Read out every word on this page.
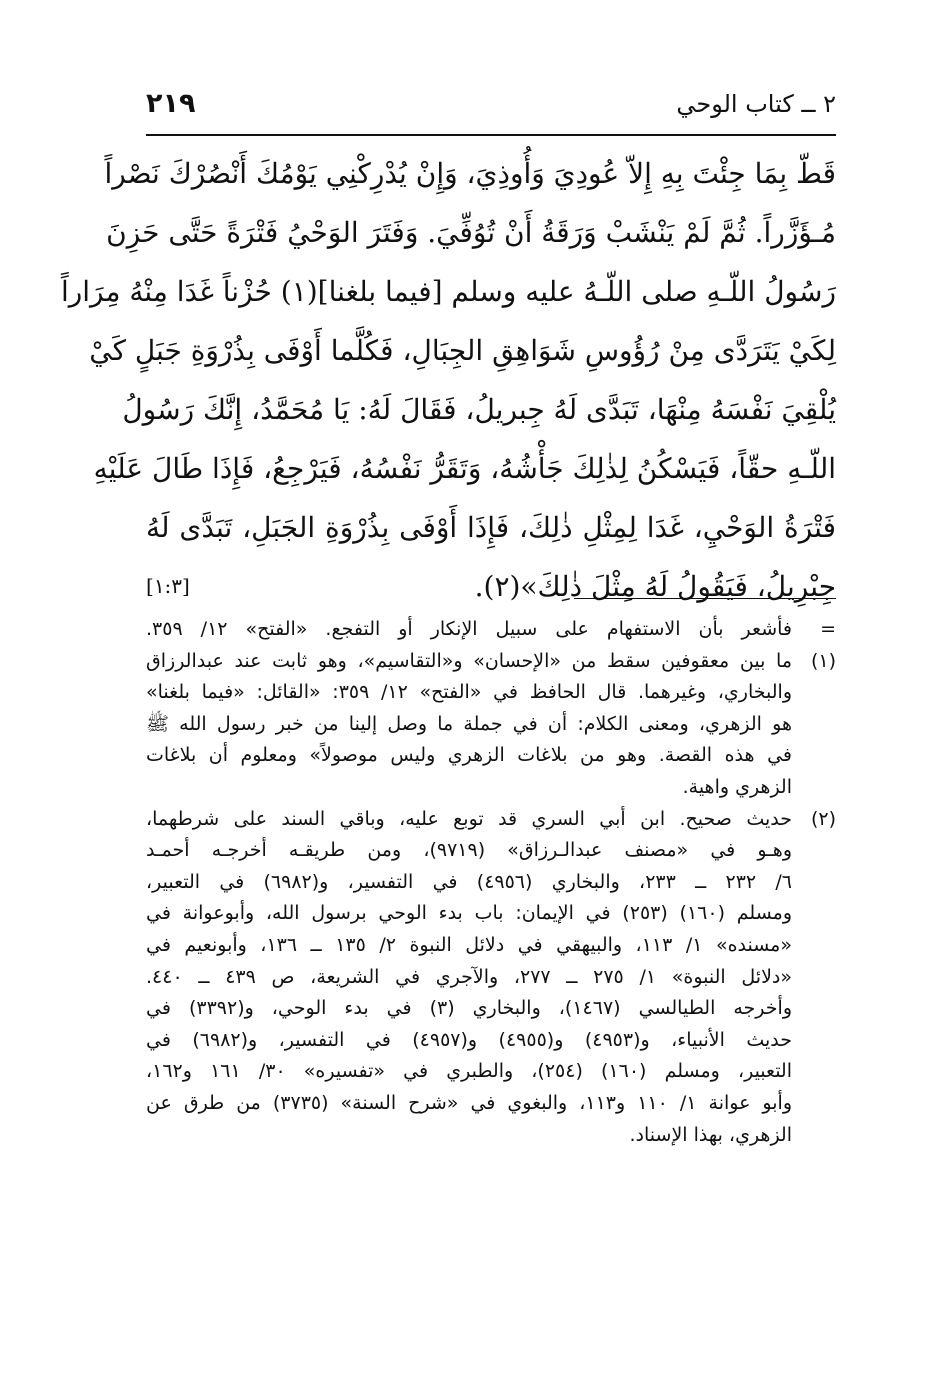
٢ ــ كتاب الوحي
٢١٩
قَطّ بِمَا جِئْتَ بِهِ إِلاّ عُودِيَ وَأُوذِيَ، وَإِنْ يُدْرِكْنِي يَوْمُكَ أَنْصُرْكَ نَصْراً
مُـؤَزَّراً. ثُمَّ لَمْ يَنْشَبْ وَرَقَةُ أَنْ تُوُفِّيَ. وَفَتَرَ الوَحْيُ فَتْرَةً حَتَّى حَزِنَ
رَسُولُ اللّـهِ صلى اللّـهُ عليه وسلم [فيما بلغنا](١) حُزْناً غَدَا مِنْهُ مِرَاراً
لِكَيْ يَتَرَدَّى مِنْ رُؤُوسِ شَوَاهِقِ الجِبَالِ، فَكُلَّما أَوْفَى بِذُرْوَةِ جَبَلٍ كَيْ
يُلْقِيَ نَفْسَهُ مِنْهَا، تَبَدَّى لَهُ جِبريلُ، فَقَالَ لَهُ: يَا مُحَمَّدُ، إِنَّكَ رَسُولُ
اللّـهِ حقّاً، فَيَسْكُنُ لِذٰلِكَ جَأْشُهُ، وَتَقَرُّ نَفْسُهُ، فَيَرْجِعُ، فَإِذَا طَالَ عَلَيْهِ
فَتْرَةُ الوَحْيِ، غَدَا لِمِثْلِ ذٰلِكَ، فَإِذَا أَوْفَى بِذُرْوَةِ الجَبَلِ، تَبَدَّى لَهُ
جِبْرِيلُ، فَيَقُولُ لَهُ مِثْلَ ذٰلِكَ»(٢).
[١:٣]
=فأشعر بأن الاستفهام على سبيل الإنكار أو التفجع. «الفتح» ١٢/ ٣٥٩.
(١)ما بين معقوفين سقط من «الإحسان» و«التقاسيم»، وهو ثابت عند عبدالرزاق
والبخاري، وغيرهما. قال الحافظ في «الفتح» ١٢/ ٣٥٩: «القائل: «فيما بلغنا»
هو الزهري، ومعنى الكلام: أن في جملة ما وصل إلينا من خبر رسول الله ﷺ
في هذه القصة. وهو من بلاغات الزهري وليس موصولاً» ومعلوم أن بلاغات
الزهري واهية.
(٢)حديث صحيح. ابن أبي السري قد توبع عليه، وباقي السند على شرطهما،
وهـو في «مصنف عبدالـرزاق» (٩٧١٩)، ومن طريقـه أخرجـه أحمـد
٦/ ٢٣٢ ــ ٢٣٣، والبخاري (٤٩٥٦) في التفسير، و(٦٩٨٢) في التعبير،
ومسلم (١٦٠) (٢٥٣) في الإيمان: باب بدء الوحي برسول الله، وأبوعوانة في
«مسنده» ١/ ١١٣، والبيهقي في دلائل النبوة ٢/ ١٣٥ ــ ١٣٦، وأبونعيم في
«دلائل النبوة» ١/ ٢٧٥ ــ ٢٧٧، والآجري في الشريعة، ص ٤٣٩ ــ ٤٤٠.
وأخرجه الطيالسي (١٤٦٧)، والبخاري (٣) في بدء الوحي، و(٣٣٩٢) في
حديث الأنبياء، و(٤٩٥٣) و(٤٩٥٥) و(٤٩٥٧) في التفسير، و(٦٩٨٢) في
التعبير، ومسلم (١٦٠) (٢٥٤)، والطبري في «تفسيره» ٣٠/ ١٦١ و١٦٢،
وأبو عوانة ١/ ١١٠ و١١٣، والبغوي في «شرح السنة» (٣٧٣٥) من طرق عن
الزهري، بهذا الإسناد.
